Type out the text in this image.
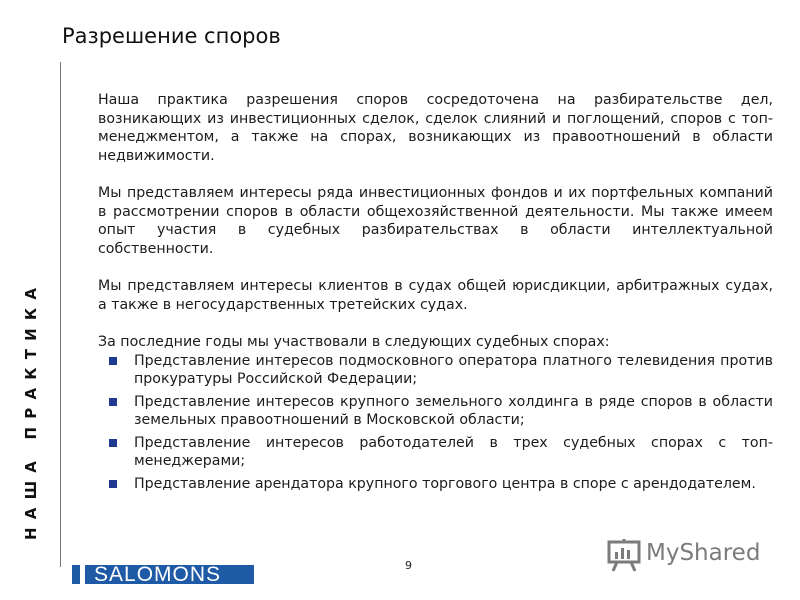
Разрешение споров
НАША ПРАКТИКА

Наша практика разрешения споров сосредоточена на разбирательстве дел, возникающих из инвестиционных сделок, сделок слияний и поглощений, споров с топ-менеджментом, а также на спорах, возникающих из правоотношений в области недвижимости.

Мы представляем интересы ряда инвестиционных фондов и их портфельных компаний в рассмотрении споров в области общехозяйственной деятельности. Мы также имеем опыт участия в судебных разбирательствах в области интеллектуальной собственности.

Мы представляем интересы клиентов в судах общей юрисдикции, арбитражных судах, а также в негосударственных третейских судах.

За последние годы мы участвовали в следующих судебных спорах:

Представление интересов подмосковного оператора платного телевидения против прокуратуры Российской Федерации;
Представление интересов крупного земельного холдинга в ряде споров в области земельных правоотношений в Московской области;
Представление интересов работодателей в трех судебных спорах с топ-менеджерами;
Представление арендатора крупного торгового центра в споре с арендодателем.
9
SALOMONS
MyShared
